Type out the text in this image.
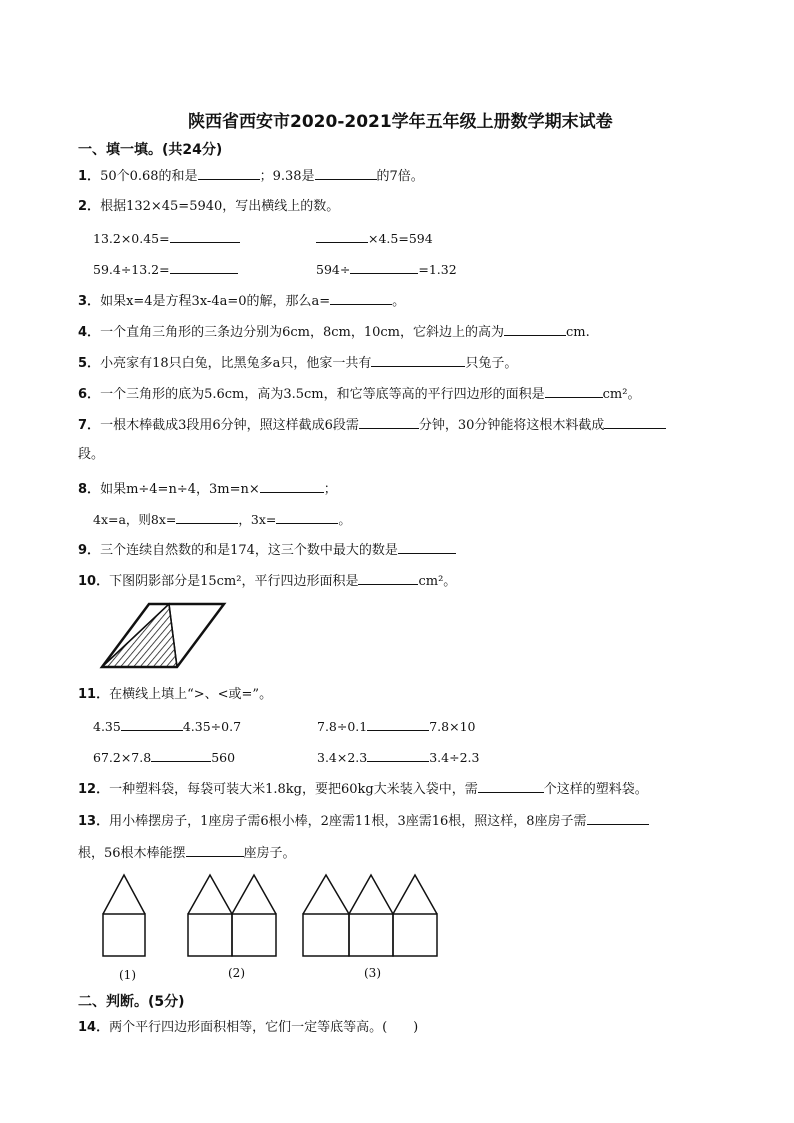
陕西省西安市2020-2021学年五年级上册数学期末试卷
一、填一填。(共24分)
1．50个0.68的和是	；9.38是	的7倍。
2．根据132×45=5940，写出横线上的数。
13.2×0.45=	×4.5=594
59.4÷13.2=	594÷	=1.32
3．如果x=4是方程3x-4a=0的解，那么a=	。
4．一个直角三角形的三条边分别为6cm，8cm，10cm，它斜边上的高为	cm.
5．小亮家有18只白兔，比黑兔多a只，他家一共有	只兔子。
6．一个三角形的底为5.6cm，高为3.5cm，和它等底等高的平行四边形的面积是	cm²。
7．一根木棒截成3段用6分钟，照这样截成6段需	分钟，30分钟能将这根木料截成
段。
8．如果m÷4=n÷4，3m=n×	；
4x=a，则8x=	，3x=	。
9．三个连续自然数的和是174，这三个数中最大的数是
10．下图阴影部分是15cm²，平行四边形面积是	cm²。
11．在横线上填上“>、<或=”。
4.35	4.35÷0.7	7.8÷0.1	7.8×10
67.2×7.8	560	3.4×2.3	3.4÷2.3
12．一种塑料袋，每袋可装大米1.8kg，要把60kg大米装入袋中，需	个这样的塑料袋。
13．用小棒摆房子，1座房子需6根小棒，2座需11根，3座需16根，照这样，8座房子需
根，56根木棒能摆	座房子。
(1)	(2)	(3)
二、判断。(5分)
14．两个平行四边形面积相等，它们一定等底等高。(　　)
